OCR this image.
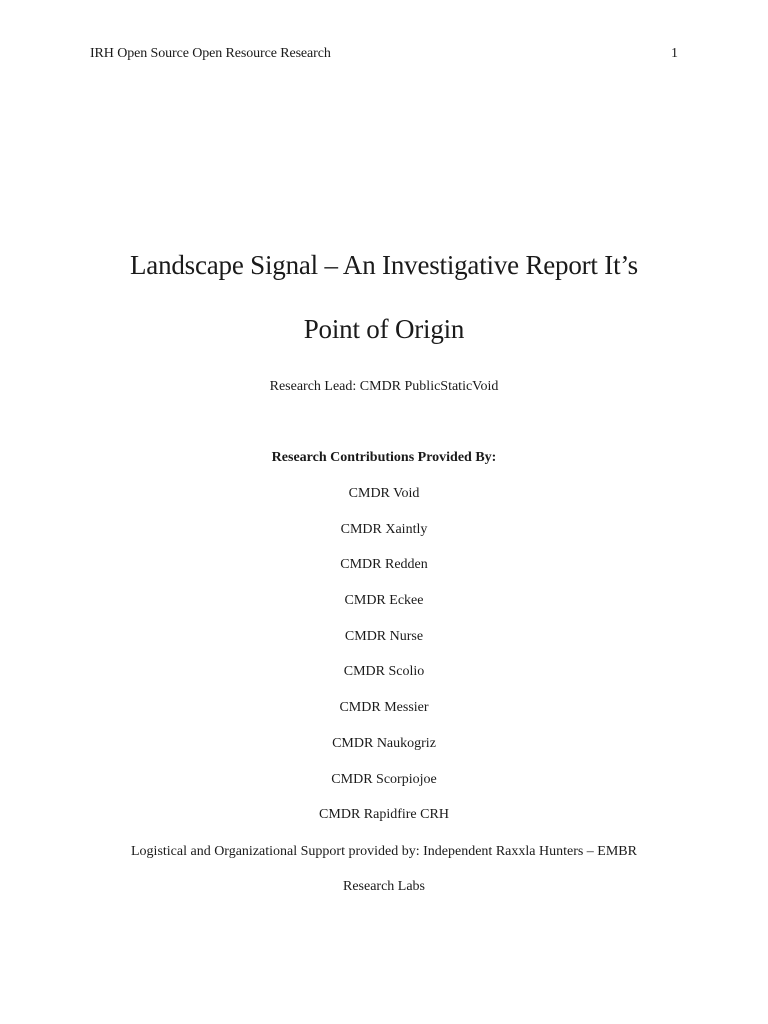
IRH Open Source Open Resource Research	1
Landscape Signal – An Investigative Report It’s
Point of Origin
Research Lead: CMDR PublicStaticVoid
Research Contributions Provided By:
CMDR Void
CMDR Xaintly
CMDR Redden
CMDR Eckee
CMDR Nurse
CMDR Scolio
CMDR Messier
CMDR Naukogriz
CMDR Scorpiojoe
CMDR Rapidfire CRH
Logistical and Organizational Support provided by: Independent Raxxla Hunters – EMBR
Research Labs
